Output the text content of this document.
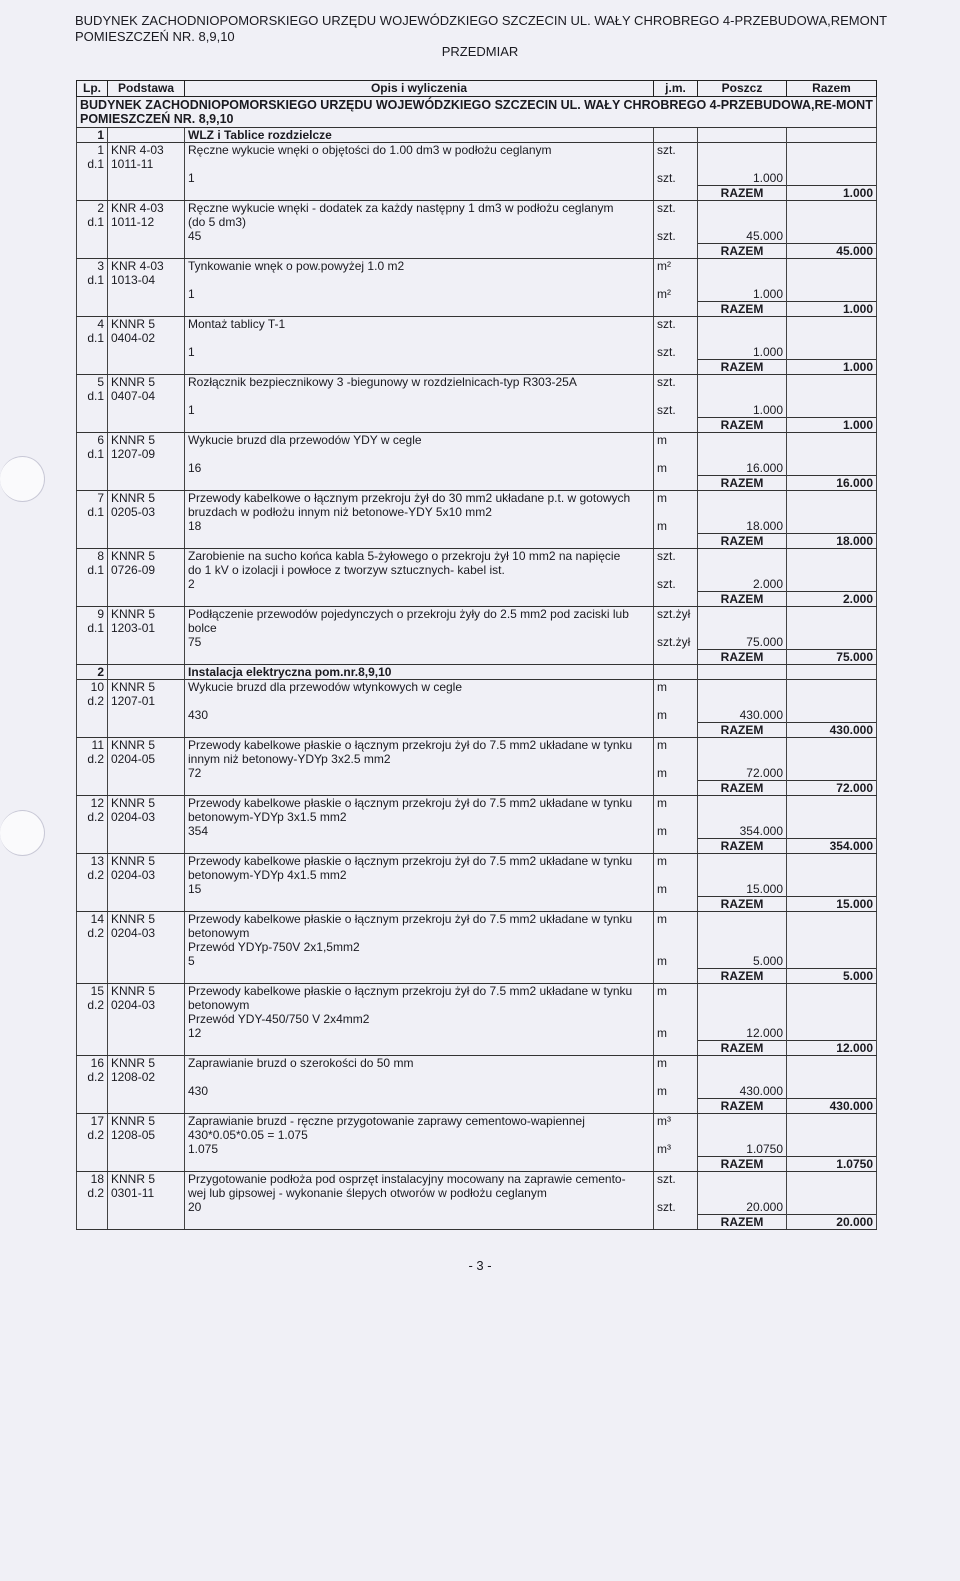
BUDYNEK ZACHODNIOPOMORSKIEGO URZĘDU WOJEWÓDZKIEGO SZCZECIN UL. WAŁY CHROBREGO 4-PRZEBUDOWA,REMONT
POMIESZCZEŃ NR. 8,9,10
PRZEDMIAR
Lp.	Podstawa	Opis i wyliczenia	j.m.	Poszcz	Razem
BUDYNEK ZACHODNIOPOMORSKIEGO URZĘDU WOJEWÓDZKIEGO SZCZECIN UL. WAŁY CHROBREGO 4-PRZEBUDOWA,RE-MONT POMIESZCZEŃ NR. 8,9,10					
1		WLZ i Tablice rozdzielcze			
1	KNR 4-03	Ręczne wykucie wnęki o objętości do 1.00 dm3 w podłożu ceglanym	szt.		
d.1	1011-11				
		1	szt.	1.000	
				RAZEM	1.000
2	KNR 4-03	Ręczne wykucie wnęki - dodatek za każdy następny 1 dm3 w podłożu ceglanym	szt.		
d.1	1011-12	(do 5 dm3)			
		45	szt.	45.000	
				RAZEM	45.000
3	KNR 4-03	Tynkowanie wnęk o pow.powyżej 1.0 m2	m²		
d.1	1013-04				
		1	m²	1.000	
				RAZEM	1.000
4	KNNR 5	Montaż tablicy T-1	szt.		
d.1	0404-02				
		1	szt.	1.000	
				RAZEM	1.000
5	KNNR 5	Rozłącznik bezpiecznikowy 3 -biegunowy w rozdzielnicach-typ R303-25A	szt.		
d.1	0407-04				
		1	szt.	1.000	
				RAZEM	1.000
6	KNNR 5	Wykucie bruzd dla przewodów YDY w cegle	m		
d.1	1207-09				
		16	m	16.000	
				RAZEM	16.000
7	KNNR 5	Przewody kabelkowe o łącznym przekroju żył do 30 mm2 układane p.t. w gotowych	m		
d.1	0205-03	bruzdach w podłożu innym niż betonowe-YDY 5x10 mm2			
		18	m	18.000	
				RAZEM	18.000
8	KNNR 5	Zarobienie na sucho końca kabla 5-żyłowego o przekroju żył 10 mm2 na napięcie	szt.		
d.1	0726-09	do 1 kV o izolacji i powłoce z tworzyw sztucznych- kabel ist.			
		2	szt.	2.000	
				RAZEM	2.000
9	KNNR 5	Podłączenie przewodów pojedynczych o przekroju żyły do 2.5 mm2 pod zaciski lub	szt.żył		
d.1	1203-01	bolce			
		75	szt.żył	75.000	
				RAZEM	75.000
2		Instalacja elektryczna pom.nr.8,9,10			
10	KNNR 5	Wykucie bruzd dla przewodów wtynkowych w cegle	m		
d.2	1207-01				
		430	m	430.000	
				RAZEM	430.000
11	KNNR 5	Przewody kabelkowe płaskie o łącznym przekroju żył do 7.5 mm2 układane w tynku	m		
d.2	0204-05	innym niż betonowy-YDYp 3x2.5 mm2			
		72	m	72.000	
				RAZEM	72.000
12	KNNR 5	Przewody kabelkowe płaskie o łącznym przekroju żył do 7.5 mm2 układane w tynku	m		
d.2	0204-03	betonowym-YDYp 3x1.5 mm2			
		354	m	354.000	
				RAZEM	354.000
13	KNNR 5	Przewody kabelkowe płaskie o łącznym przekroju żył do 7.5 mm2 układane w tynku	m		
d.2	0204-03	betonowym-YDYp 4x1.5 mm2			
		15	m	15.000	
				RAZEM	15.000
14	KNNR 5	Przewody kabelkowe płaskie o łącznym przekroju żył do 7.5 mm2 układane w tynku	m		
d.2	0204-03	betonowym			
		Przewód YDYp-750V 2x1,5mm2			
		5	m	5.000	
				RAZEM	5.000
15	KNNR 5	Przewody kabelkowe płaskie o łącznym przekroju żył do 7.5 mm2 układane w tynku	m		
d.2	0204-03	betonowym			
		Przewód YDY-450/750 V 2x4mm2			
		12	m	12.000	
				RAZEM	12.000
16	KNNR 5	Zaprawianie bruzd o szerokości do 50 mm	m		
d.2	1208-02				
		430	m	430.000	
				RAZEM	430.000
17	KNNR 5	Zaprawianie bruzd - ręczne przygotowanie zaprawy cementowo-wapiennej	m³		
d.2	1208-05	430*0.05*0.05 = 1.075			
		1.075	m³	1.0750	
				RAZEM	1.0750
18	KNNR 5	Przygotowanie podłoża pod osprzęt instalacyjny mocowany na zaprawie cemento-	szt.		
d.2	0301-11	wej lub gipsowej - wykonanie ślepych otworów w podłożu ceglanym			
		20	szt.	20.000	
				RAZEM	20.000
- 3 -
